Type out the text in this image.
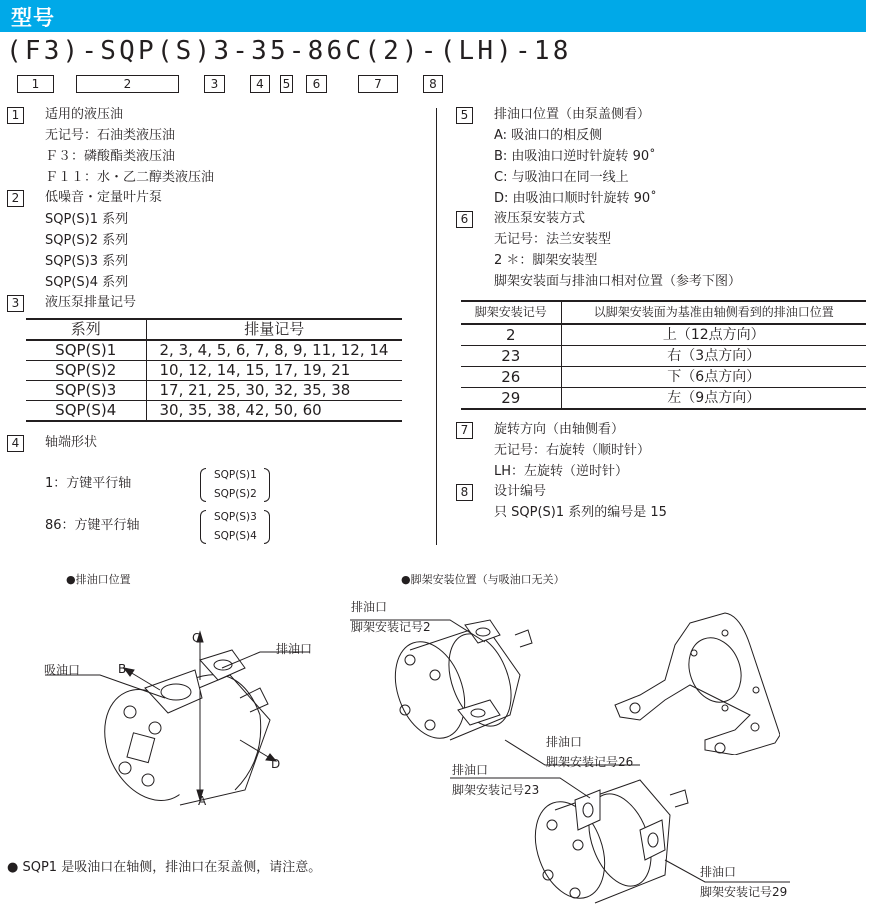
型号
(F3)-SQP(S)3-35-86C(2)-(LH)-18
1	2	3	4	5	6	7	8
1	适用的液压油
无记号：石油类液压油
Ｆ３：磷酸酯类液压油
Ｆ１１：水・乙二醇类液压油
2	低噪音・定量叶片泵
SQP(S)1 系列
SQP(S)2 系列
SQP(S)3 系列
SQP(S)4 系列
3	液压泵排量记号
系列	排量记号
SQP(S)1	2, 3, 4, 5, 6, 7, 8, 9, 11, 12, 14
SQP(S)2	10, 12, 14, 15, 17, 19, 21
SQP(S)3	17, 21, 25, 30, 32, 35, 38
SQP(S)4	30, 35, 38, 42, 50, 60
4	轴端形状
1：方键平行轴
SQP(S)1
SQP(S)2
86：方键平行轴
SQP(S)3
SQP(S)4
5	排油口位置（由泵盖侧看）
A: 吸油口的相反侧
B: 由吸油口逆时针旋转 90˚
C: 与吸油口在同一线上
D: 由吸油口顺时针旋转 90˚
6	液压泵安装方式
无记号：法兰安装型
2 ＊：脚架安装型
脚架安装面与排油口相对位置（参考下图）
脚架安装记号	以脚架安装面为基准由轴侧看到的排油口位置
2	上（12点方向）
23	右（3点方向）
26	下（6点方向）
29	左（9点方向）
7	旋转方向（由轴侧看）
无记号：右旋转（顺时针）
LH：左旋转（逆时针）
8	设计编号
只 SQP(S)1 系列的编号是 15
●排油口位置
吸油口	B
C
排油口
D
A
●脚架安装位置（与吸油口无关）
排油口
脚架安装记号2
排油口
脚架安装记号26
排油口
脚架安装记号23
排油口
脚架安装记号29
● SQP1 是吸油口在轴侧，排油口在泵盖侧，请注意。
